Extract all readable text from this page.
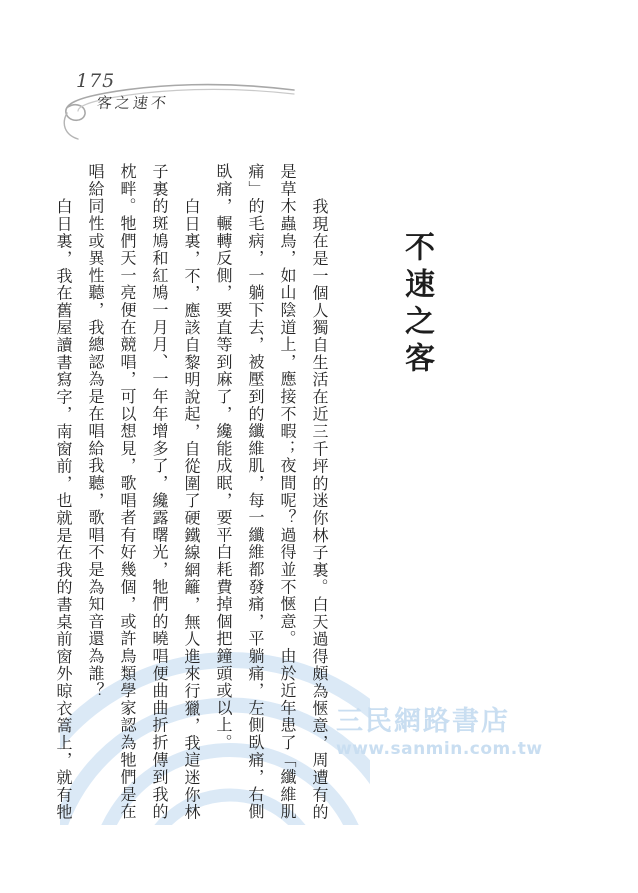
175
客之速不
三民網路書店
www.sanmin.com.tw
不速之客

我現在是一個人獨自生活在近三千坪的迷你林子裏。白天過得頗為愜意，周遭有的是草木蟲鳥，如山陰道上，應接不暇；夜間呢？過得並不愜意。由於近年患了「纖維肌痛」的毛病，一躺下去，被壓到的纖維肌，每一纖維都發痛，平躺痛，左側臥痛，右側臥痛，輾轉反側，要直等到麻了，纔能成眠，要平白耗費掉個把鐘頭或以上。

白日裏，不，應該自黎明說起，自從圍了硬鐵線網籬，無人進來行獵，我這迷你林子裏的斑鳩和紅鳩一月月、一年年增多了，纔露曙光，牠們的曉唱便曲曲折折傳到我的枕畔。牠們天一亮便在競唱，可以想見，歌唱者有好幾個，或許鳥類學家認為牠們是在唱給同性或異性聽，我總認為是在唱給我聽，歌唱不是為知音還為誰？

白日裏，我在舊屋讀書寫字，南窗前，也就是在我的書桌前窗外晾衣篙上，就有牠
